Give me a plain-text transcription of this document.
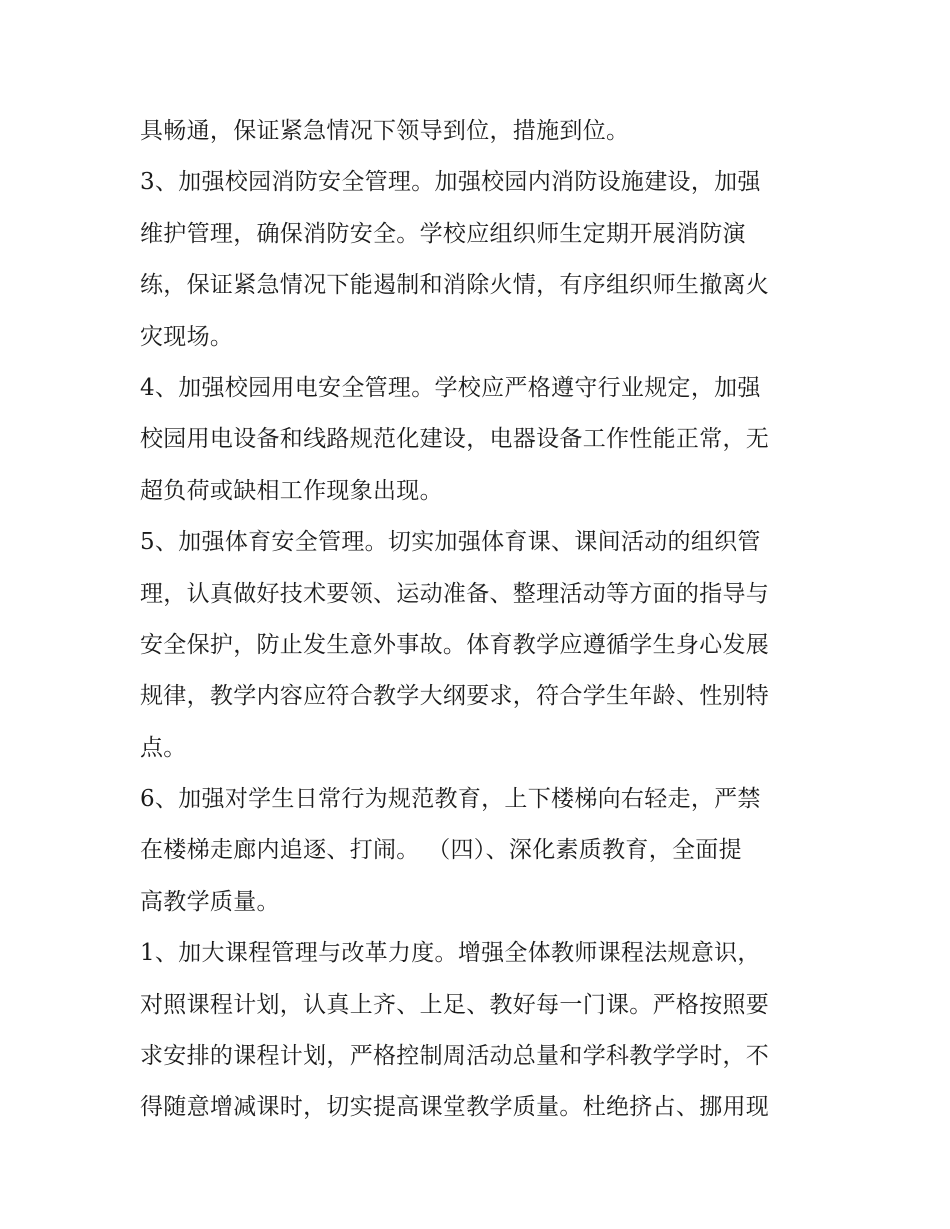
具畅通，保证紧急情况下领导到位，措施到位。
3、加强校园消防安全管理。加强校园内消防设施建设，加强
维护管理，确保消防安全。学校应组织师生定期开展消防演
练，保证紧急情况下能遏制和消除火情，有序组织师生撤离火
灾现场。
4、加强校园用电安全管理。学校应严格遵守行业规定，加强
校园用电设备和线路规范化建设，电器设备工作性能正常，无
超负荷或缺相工作现象出现。
5、加强体育安全管理。切实加强体育课、课间活动的组织管
理，认真做好技术要领、运动准备、整理活动等方面的指导与
安全保护，防止发生意外事故。体育教学应遵循学生身心发展
规律，教学内容应符合教学大纲要求，符合学生年龄、性别特
点。
6、加强对学生日常行为规范教育，上下楼梯向右轻走，严禁
在楼梯走廊内追逐、打闹。 （四）、深化素质教育，全面提
高教学质量。
1、加大课程管理与改革力度。增强全体教师课程法规意识，
对照课程计划，认真上齐、上足、教好每一门课。严格按照要
求安排的课程计划，严格控制周活动总量和学科教学学时，不
得随意增减课时，切实提高课堂教学质量。杜绝挤占、挪用现
